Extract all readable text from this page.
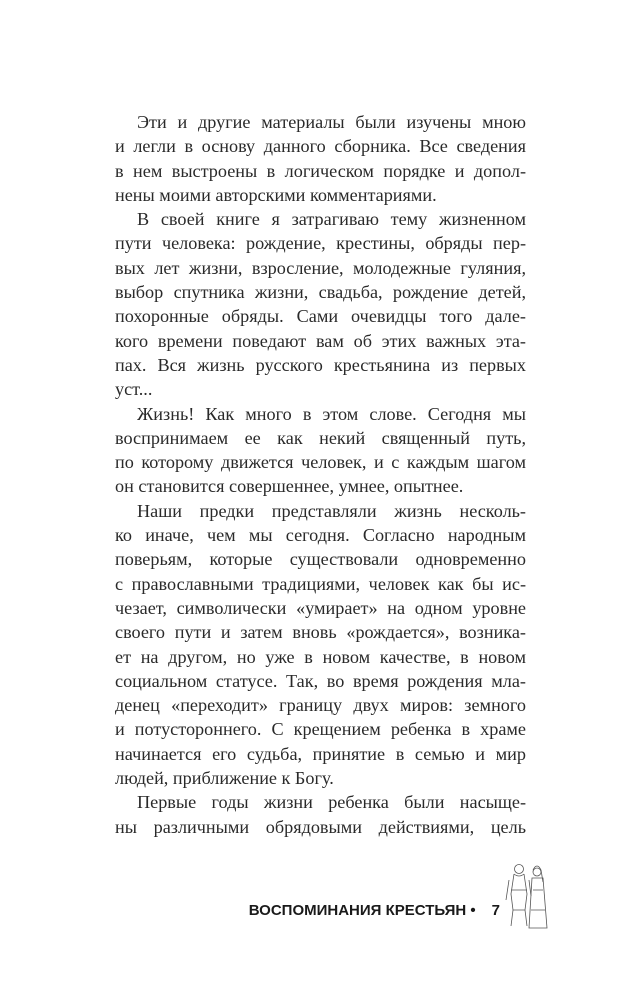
Эти и другие материалы были изучены мною
и легли в основу данного сборника. Все сведения
в нем выстроены в логическом порядке и допол-
нены моими авторскими комментариями.
В своей книге я затрагиваю тему жизненном
пути человека: рождение, крестины, обряды пер-
вых лет жизни, взросление, молодежные гуляния,
выбор спутника жизни, свадьба, рождение детей,
похоронные обряды. Сами очевидцы того дале-
кого времени поведают вам об этих важных эта-
пах. Вся жизнь русского крестьянина из первых
уст...
Жизнь! Как много в этом слове. Сегодня мы
воспринимаем ее как некий священный путь,
по которому движется человек, и с каждым шагом
он становится совершеннее, умнее, опытнее.
Наши предки представляли жизнь несколь-
ко иначе, чем мы сегодня. Согласно народным
поверьям, которые существовали одновременно
с православными традициями, человек как бы ис-
чезает, символически «умирает» на одном уровне
своего пути и затем вновь «рождается», возника-
ет на другом, но уже в новом качестве, в новом
социальном статусе. Так, во время рождения мла-
денец «переходит» границу двух миров: земного
и потустороннего. С крещением ребенка в храме
начинается его судьба, принятие в семью и мир
людей, приближение к Богу.
Первые годы жизни ребенка были насыще-
ны различными обрядовыми действиями, цель
ВОСПОМИНАНИЯ КРЕСТЬЯН • 7
